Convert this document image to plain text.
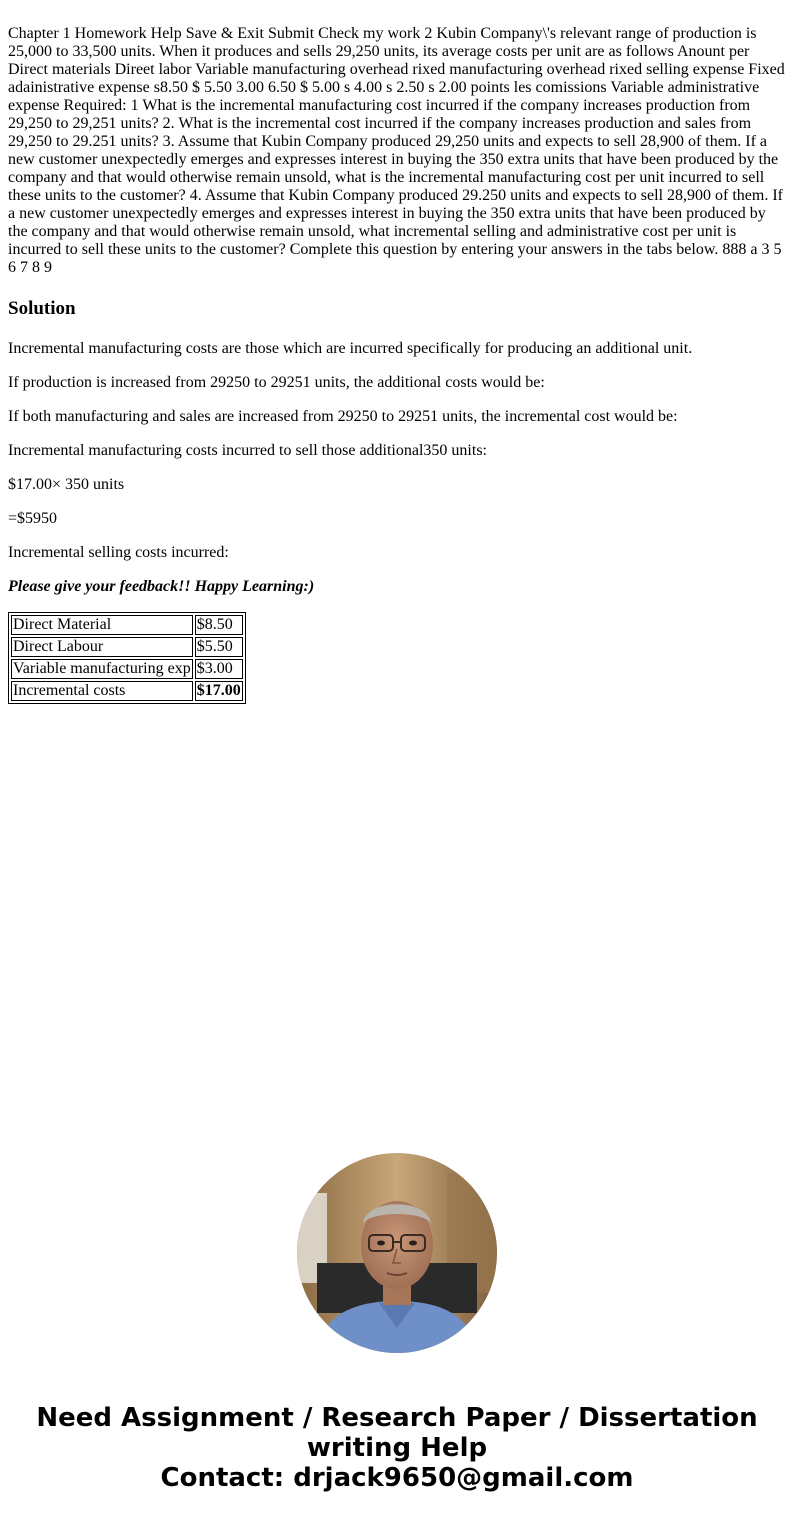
Chapter 1 Homework Help Save & Exit Submit Check my work 2 Kubin Company\'s relevant range of production is 25,000 to 33,500 units. When it produces and sells 29,250 units, its average costs per unit are as follows Anount per Direct materials Direet labor Variable manufacturing overhead rixed manufacturing overhead rixed selling expense Fixed adainistrative expense s8.50 $ 5.50 3.00 6.50 $ 5.00 s 4.00 s 2.50 s 2.00 points les comissions Variable administrative expense Required: 1 What is the incremental manufacturing cost incurred if the company increases production from 29,250 to 29,251 units? 2. What is the incremental cost incurred if the company increases production and sales from 29,250 to 29.251 units? 3. Assume that Kubin Company produced 29,250 units and expects to sell 28,900 of them. If a new customer unexpectedly emerges and expresses interest in buying the 350 extra units that have been produced by the company and that would otherwise remain unsold, what is the incremental manufacturing cost per unit incurred to sell these units to the customer? 4. Assume that Kubin Company produced 29.250 units and expects to sell 28,900 of them. If a new customer unexpectedly emerges and expresses interest in buying the 350 extra units that have been produced by the company and that would otherwise remain unsold, what incremental selling and administrative cost per unit is incurred to sell these units to the customer? Complete this question by entering your answers in the tabs below. 888 a 3 5 6 7 8 9

Solution

Incremental manufacturing costs are those which are incurred specifically for producing an additional unit.

If production is increased from 29250 to 29251 units, the additional costs would be:

If both manufacturing and sales are increased from 29250 to 29251 units, the incremental cost would be:

Incremental manufacturing costs incurred to sell those additional350 units:

$17.00× 350 units

=$5950

Incremental selling costs incurred:

Please give your feedback!! Happy Learning:)

Direct Material	$8.50
Direct Labour	$5.50
Variable manufacturing exp	$3.00
Incremental costs	$17.00
Need Assignment / Research Paper / Dissertation
writing Help
Contact: drjack9650@gmail.com
